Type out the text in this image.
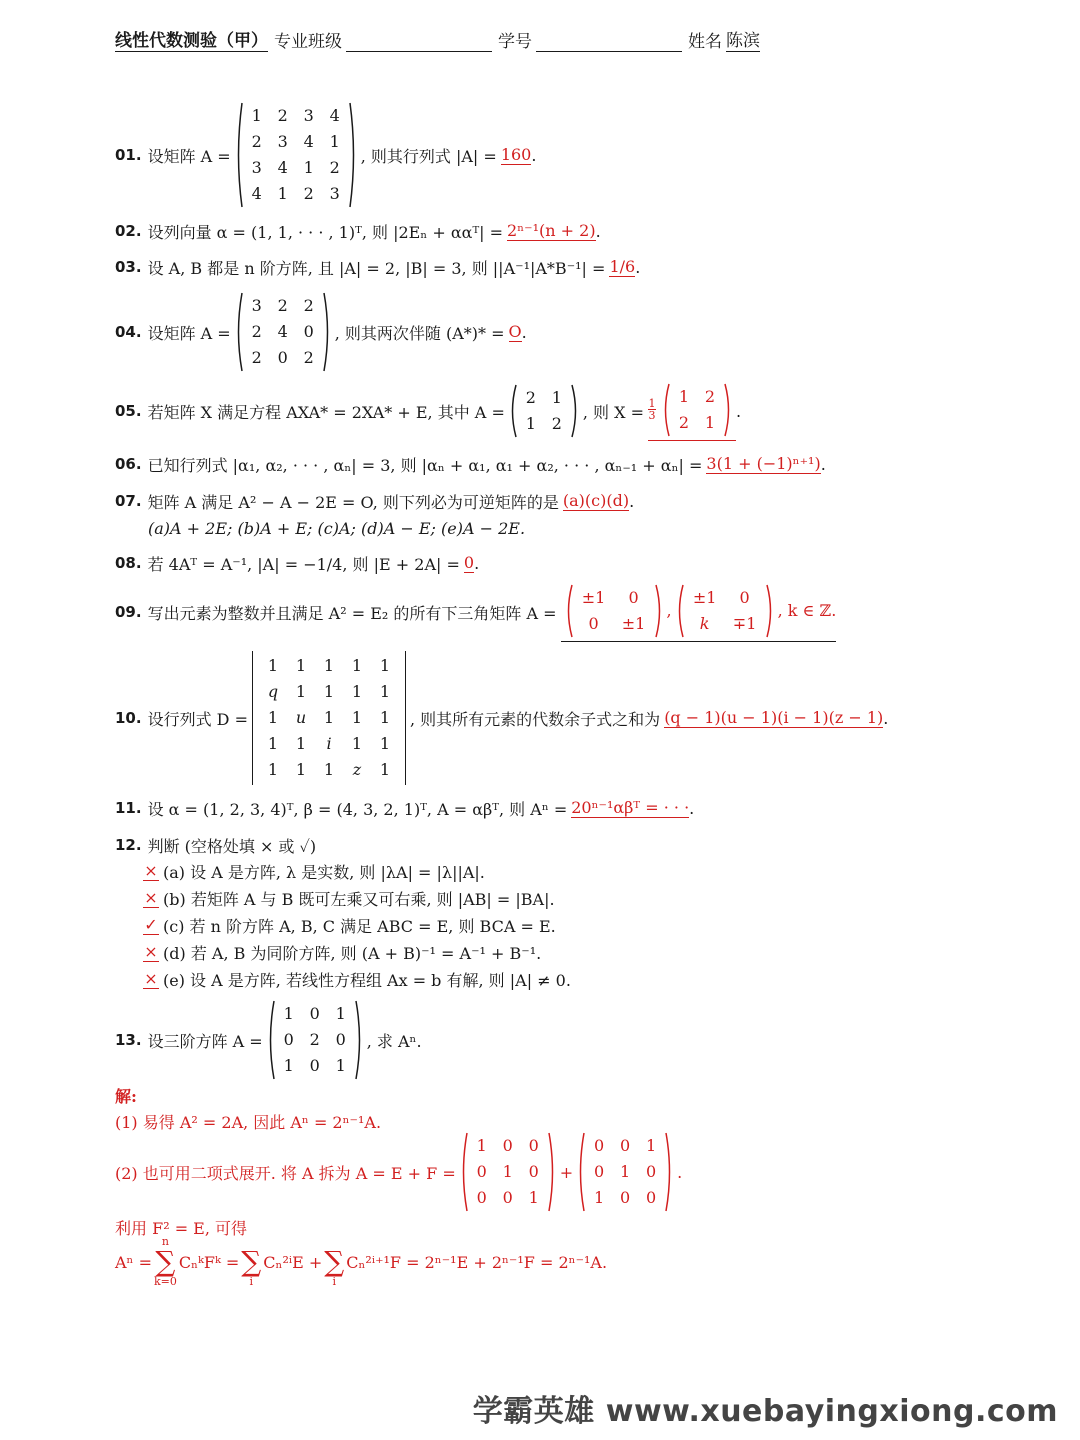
线性代数测验（甲） 专业班级	学号	姓名 陈滨
01. 设矩阵 A =
1 2 3 4
2 3 4 1
3 4 1 2
4 1 2 3
, 则其行列式 |A| = 160 .
02. 设列向量 α = (1, 1, · · · , 1)ᵀ, 则 |2Eₙ + ααᵀ| = 2ⁿ⁻¹(n + 2) .
03. 设 A, B 都是 n 阶方阵, 且 |A| = 2, |B| = 3, 则 ||A⁻¹|A*B⁻¹| = 1/6 .
04. 设矩阵 A =
3 2 2
2 4 0
2 0 2
, 则其两次伴随 (A*)* = O .
05. 若矩阵 X 满足方程 AXA* = 2XA* + E, 其中 A =
2 1
1 2
, 则 $X = \frac{1}{3}$
1 2
2 1
.
06. 已知行列式 |α₁, α₂, · · · , αₙ| = 3, 则 |αₙ + α₁, α₁ + α₂, · · · , αₙ₋₁ + αₙ| = 3(1 + (−1)ⁿ⁺¹) .
07. 矩阵 A 满足 A² − A − 2E = O, 则下列必为可逆矩阵的是 (a)(c)(d) .
(a)A + 2E; (b)A + E; (c)A; (d)A − E; (e)A − 2E.
08. 若 4Aᵀ = A⁻¹, |A| = −1/4, 则 |E + 2A| = 0 .
09. 写出元素为整数并且满足 A² = E₂ 的所有下三角矩阵 A =
±1	0
0	±1
,
±1	0
k	∓1
, k ∈ ℤ.
10. 设行列式 D =
1	1	1	1	1
q	1	1	1	1
1	u	1	1	1
1	1	i	1	1
1	1	1	z	1
, 则其所有元素的代数余子式之和为 (q − 1)(u − 1)(i − 1)(z − 1) .
11. 设 α = (1, 2, 3, 4)ᵀ, β = (4, 3, 2, 1)ᵀ, A = αβᵀ, 则 Aⁿ = 20ⁿ⁻¹αβᵀ = · · · .
12. 判断 (空格处填 × 或 ✓)
× (a) 设 A 是方阵, λ 是实数, 则 |λA| = |λ||A|.
× (b) 若矩阵 A 与 B 既可左乘又可右乘, 则 |AB| = |BA|.
✓ (c) 若 n 阶方阵 A, B, C 满足 ABC = E, 则 BCA = E.
× (d) 若 A, B 为同阶方阵, 则 (A + B)⁻¹ = A⁻¹ + B⁻¹.
× (e) 设 A 是方阵, 若线性方程组 Ax = b 有解, 则 |A| ≠ 0.
13. 设三阶方阵 A =
1 0 1
0 2 0
1 0 1
, 求 Aⁿ.
解:
(1) 易得 A² = 2A, 因此 Aⁿ = 2ⁿ⁻¹A.
(2) 也可用二项式展开. 将 A 拆为 A = E + F =
1 0 0
0 1 0
0 0 1
+
0 0 1
0 1 0
1 0 0
.
利用 F² = E, 可得
Aⁿ =
n
∑
k=0
CₙᵏFᵏ =
∑
i
Cₙ²ⁱE +
∑
i
Cₙ²ⁱ⁺¹F = 2ⁿ⁻¹E + 2ⁿ⁻¹F = 2ⁿ⁻¹A.
学霸英雄 www.xuebayingxiong.com
